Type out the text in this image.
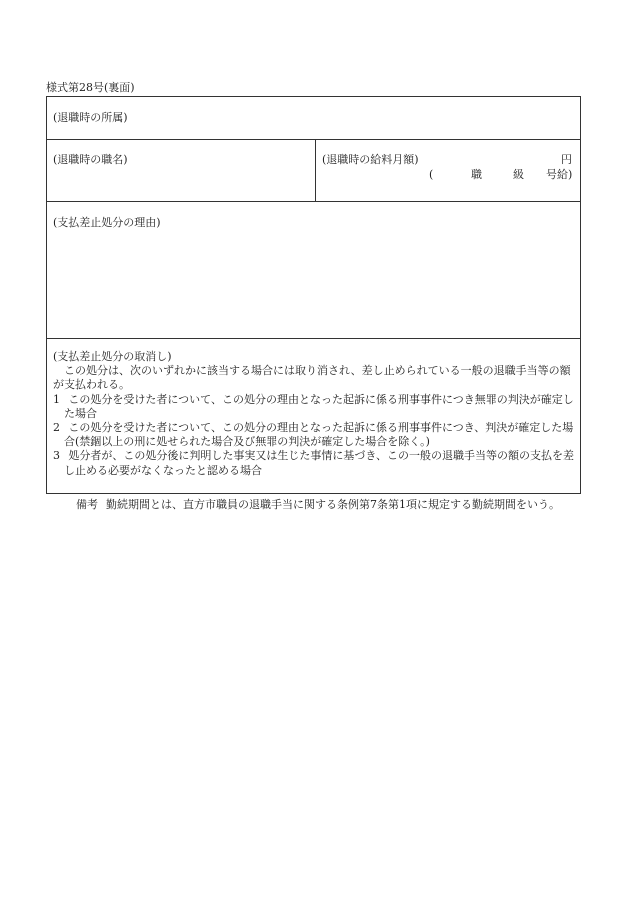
様式第28号(裏面)
(退職時の所属)
(退職時の職名)	(退職時の給料月額)	円
(	職	級 号給)
(支払差止処分の理由)

(支払差止処分の取消し)

この処分は、次のいずれかに該当する場合には取り消され、差し止められている一般の退職手当等の額が支払われる。

1 この処分を受けた者について、この処分の理由となった起訴に係る刑事事件につき無罪の判決が確定した場合

2 この処分を受けた者について、この処分の理由となった起訴に係る刑事事件につき、判決が確定した場合(禁錮以上の刑に処せられた場合及び無罪の判決が確定した場合を除く。)

3 処分者が、この処分後に判明した事実又は生じた事情に基づき、この一般の退職手当等の額の支払を差し止める必要がなくなったと認める場合

備考 勤続期間とは、直方市職員の退職手当に関する条例第7条第1項に規定する勤続期間をいう。
